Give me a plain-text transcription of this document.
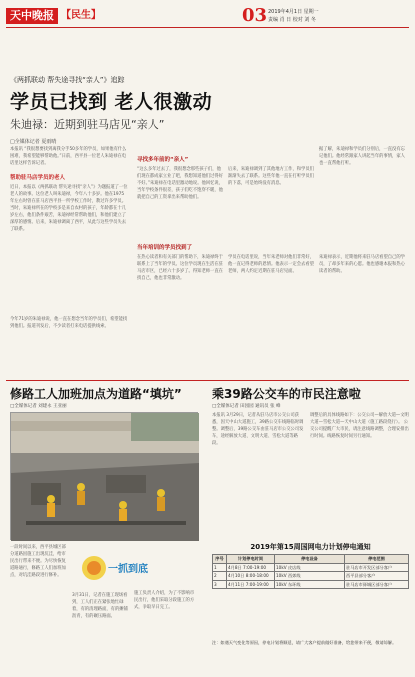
天中晚报 【民生】	03 2019年4月1日 星期一
责编 肖 日 校对 刘 冬
《两抓联动 帮失途寻找“亲人”》追踪
学员已找到 老人很激动
朱迪禄：近期到驻马店见“亲人”
□全媒体记者 夏雨晴
本报讯 “我很想要找到离我分手50多年的学员，如果他有什么困难，我希望能够帮助他。”日前，西平县一位老人朱迪禄在电话里这样告诉记者。
帮助驻马店学员的老人
近日，本报以《两抓联动 帮失途寻找“亲人”》为题报道了一位老人的故事。这位老人叫朱迪禄，今年八十多岁。他在1975年左右时曾在驻马店西平县一所学校工作时，教过许多学员。当时，朱迪禄所在的学校多是来自农村的孩子，年龄都在十几岁左右，他们条件艰苦，朱迪禄经常帮助他们，和他们建立了深厚的感情。后来，朱迪禄调离了西平，从此与这些学员失去了联系。
今年71岁的朱迪禄说，他一直在想念当年的学员们，希望能找到他们。报道刊发后，不少读者打来电话提供线索。
寻找多年前的“亲人”
“这么多年过去了，我很想念那些孩子们，他们现在都成家立业了吧，我想知道他们过得好不好。”朱迪禄在电话里激动地说。他回忆说，当年学校条件很差，孩子们吃不饱穿不暖，他就把自己的工资拿出来帮助他们。
后来，朱迪禄调到了其他地方工作，和学员们渐渐失去了联系。这些年他一直在打听学员们的下落，可是始终没有消息。
据了解，朱迪禄和学员们分别后，一直没有忘记他们。他经常跟家人讲起当年的事情，家人也一直帮他打听。
当年培训的学员找到了
在热心读者和有关部门的帮助下，朱迪禄终于联系上了当年的学员。这位学员现在生活在驻马店市区，已经六十多岁了。得知老师一直在找自己，他也非常激动。
学员在电话里说，当年朱老师对他们非常好，他一直记得老师的恩情。他表示一定会去看望老师，两人约定近期在驻马店见面。
朱迪禄表示，近期他将来驻马店看望自己的学员，了却多年来的心愿。他也感谢本报和热心读者的帮助。
修路工人加班加点为道路“填坑”
□全媒体记者 刘建永 王亚丽
一段时间以来，西平县城区部分道路因施工出现坑洼，给市民出行带来不便。为尽快恢复道路通行，修路工人们加班加点，对坑洼路段进行修补。
一抓到底
3月31日，记者在施工现场看到，工人们正在紧张地忙碌着，有的清理路面，有的摊铺沥青，有的碾压路面。
施工负责人介绍，为了不影响市民出行，他们采取分段施工的方式，争取早日完工。
乘39路公交车的市民注意啦
□全媒体记者 田园园 通讯员 张 峰
本报讯 3月29日，记者从驻马店市公交公司获悉，因天中山大道施工，39路公交车线路临时调整。调整后，39路公交车由驻马店市公交公司发车，途经解放大道、文明大道、雪松大道等路段。
调整后的具体线路如下：公交公司—解放大道—文明大道—雪松大道—天中山大道（施工路段绕行）。 公交公司提醒广大市民，请注意线路调整，合理安排出行时间。线路恢复时间另行通知。
2019年第15周国网电力计划停电通知
序号	计划停电时间	停电设备	停电范围
1	4月8日 7:00-19:00	10kV 皮店线	驻马店市开发区部分客户
2	4月10日 8:00-18:00	10kV 西郊线	西平县部分客户
3	4月11日 7:00-19:00	10kV 东环线	驻马店市驿城区部分客户
注：如遇天气变化等原因，停电计划将顺延，请广大客户提前做好准备，给您带来不便，敬请谅解。
